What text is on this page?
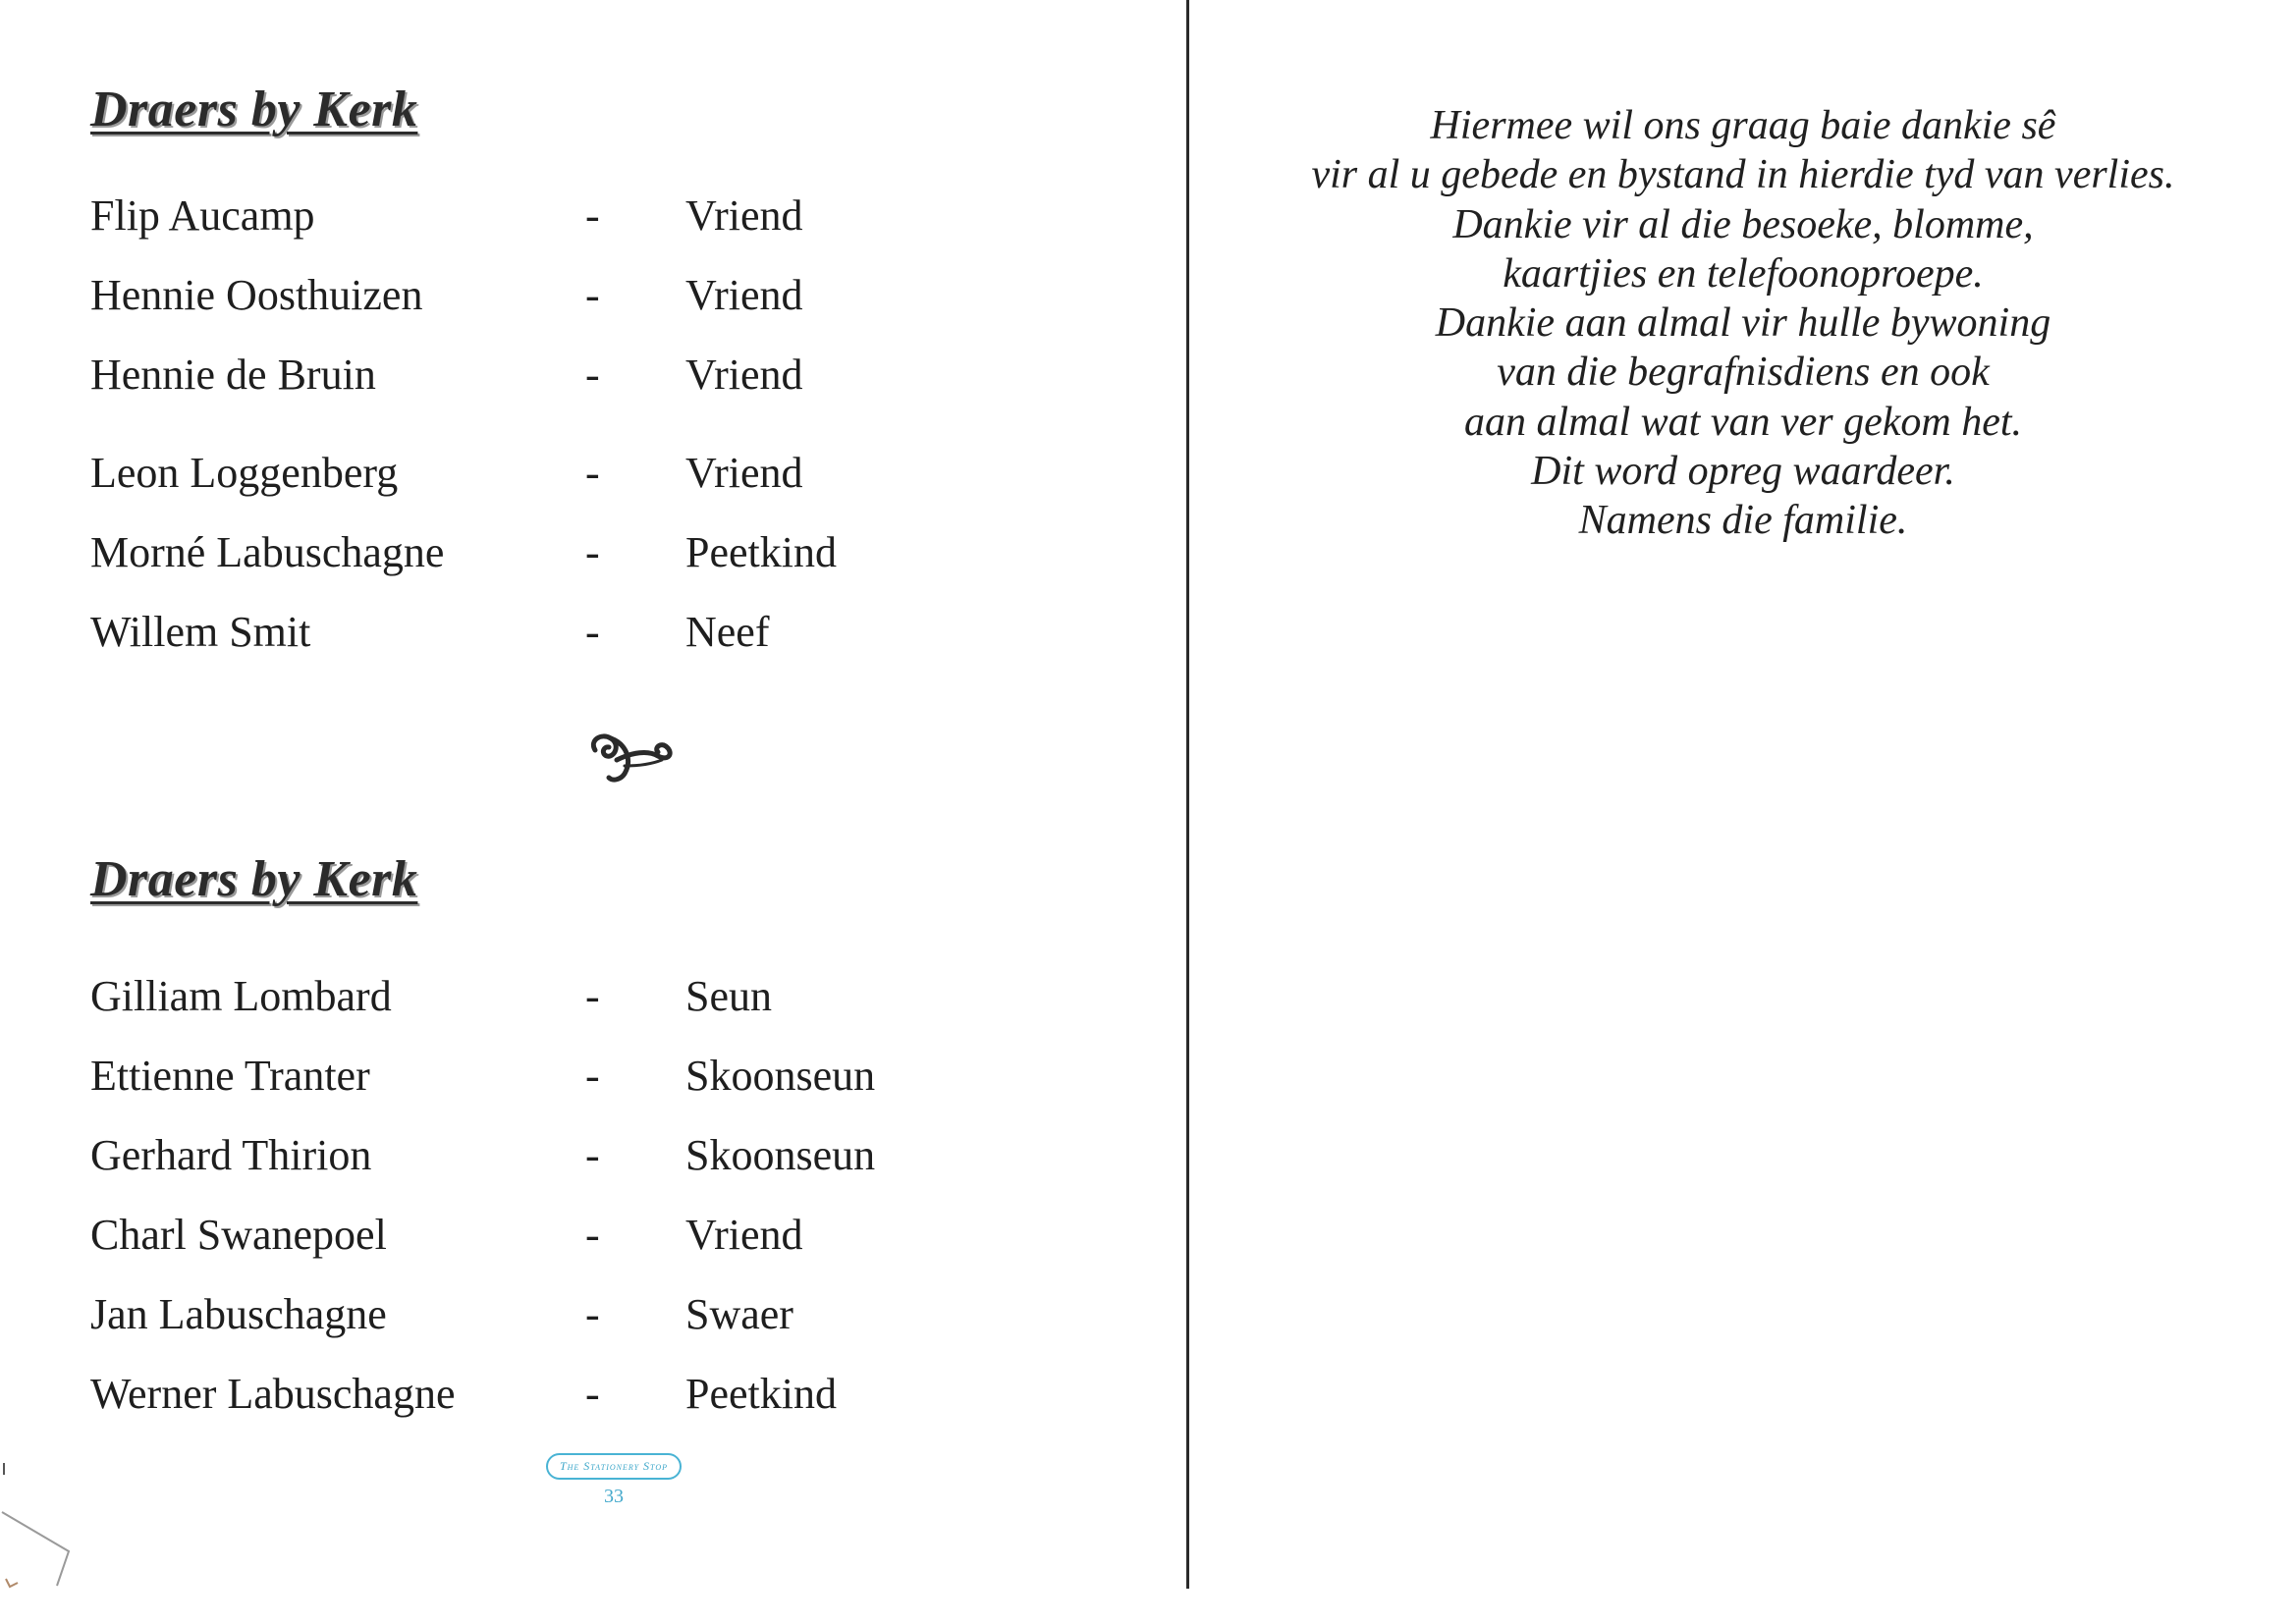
Draers by Kerk
Flip Aucamp	- Vriend
Hennie Oosthuizen	- Vriend
Hennie de Bruin	- Vriend
Leon Loggenberg	- Vriend
Morné Labuschagne	- Peetkind
Willem Smit	- Neef
Draers by Kerk
Gilliam Lombard	- Seun
Ettienne Tranter	- Skoonseun
Gerhard Thirion	- Skoonseun
Charl Swanepoel	- Vriend
Jan Labuschagne	- Swaer
Werner Labuschagne	- Peetkind
The Stationery Stop
33
Hiermee wil ons graag baie dankie sê
vir al u gebede en bystand in hierdie tyd van verlies.
Dankie vir al die besoeke, blomme,
kaartjies en telefoonoproepe.
Dankie aan almal vir hulle bywoning
van die begrafnisdiens en ook
aan almal wat van ver gekom het.
Dit word opreg waardeer.
Namens die familie.
